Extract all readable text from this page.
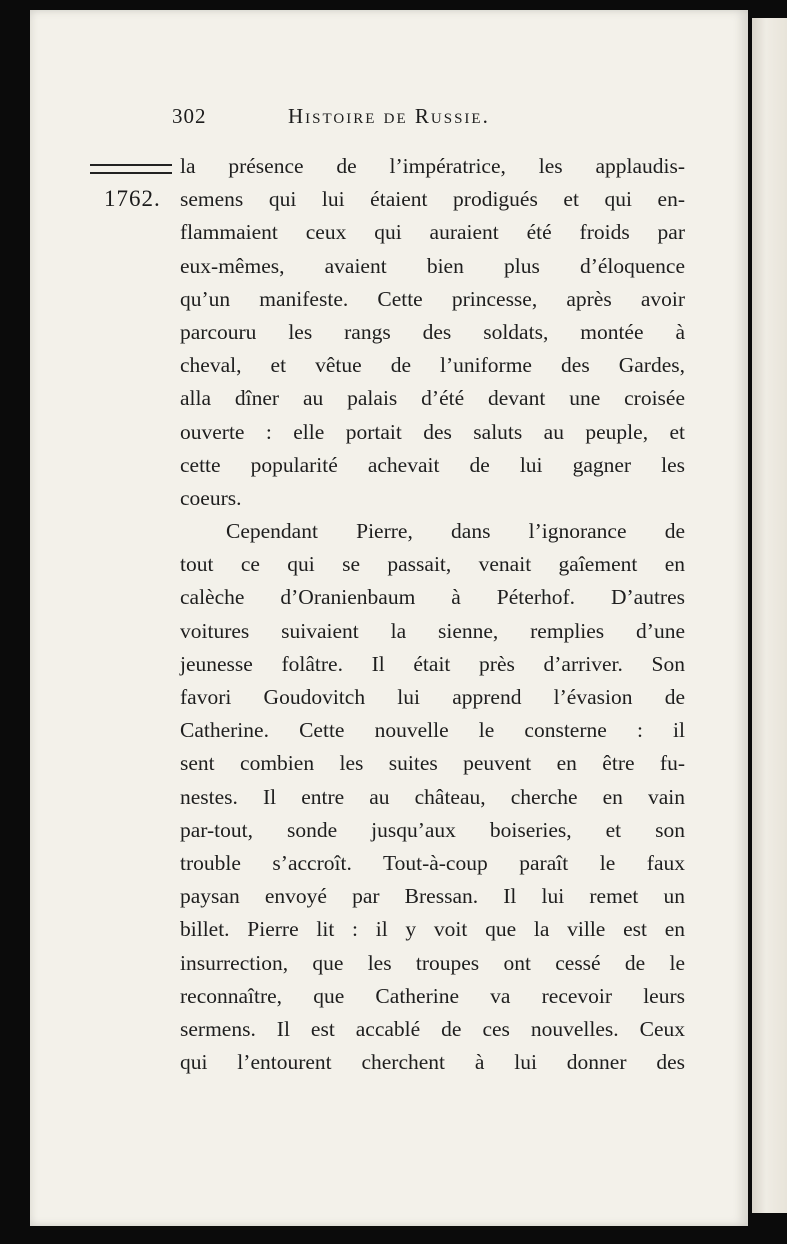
302	Histoire de Russie.
1762.
la présence de l’impératrice, les applaudis-
semens qui lui étaient prodigués et qui en-
flammaient ceux qui auraient été froids par
eux-mêmes, avaient bien plus d’éloquence
qu’un manifeste. Cette princesse, après avoir
parcouru les rangs des soldats, montée à
cheval, et vêtue de l’uniforme des Gardes,
alla dîner au palais d’été devant une croisée
ouverte : elle portait des saluts au peuple, et
cette popularité achevait de lui gagner les
coeurs.
Cependant Pierre, dans l’ignorance de
tout ce qui se passait, venait gaîement en
calèche d’Oranienbaum à Péterhof. D’autres
voitures suivaient la sienne, remplies d’une
jeunesse folâtre. Il était près d’arriver. Son
favori Goudovitch lui apprend l’évasion de
Catherine. Cette nouvelle le consterne : il
sent combien les suites peuvent en être fu-
nestes. Il entre au château, cherche en vain
par-tout, sonde jusqu’aux boiseries, et son
trouble s’accroît. Tout-à-coup paraît le faux
paysan envoyé par Bressan. Il lui remet un
billet. Pierre lit : il y voit que la ville est en
insurrection, que les troupes ont cessé de le
reconnaître, que Catherine va recevoir leurs
sermens. Il est accablé de ces nouvelles. Ceux
qui l’entourent cherchent à lui donner des
